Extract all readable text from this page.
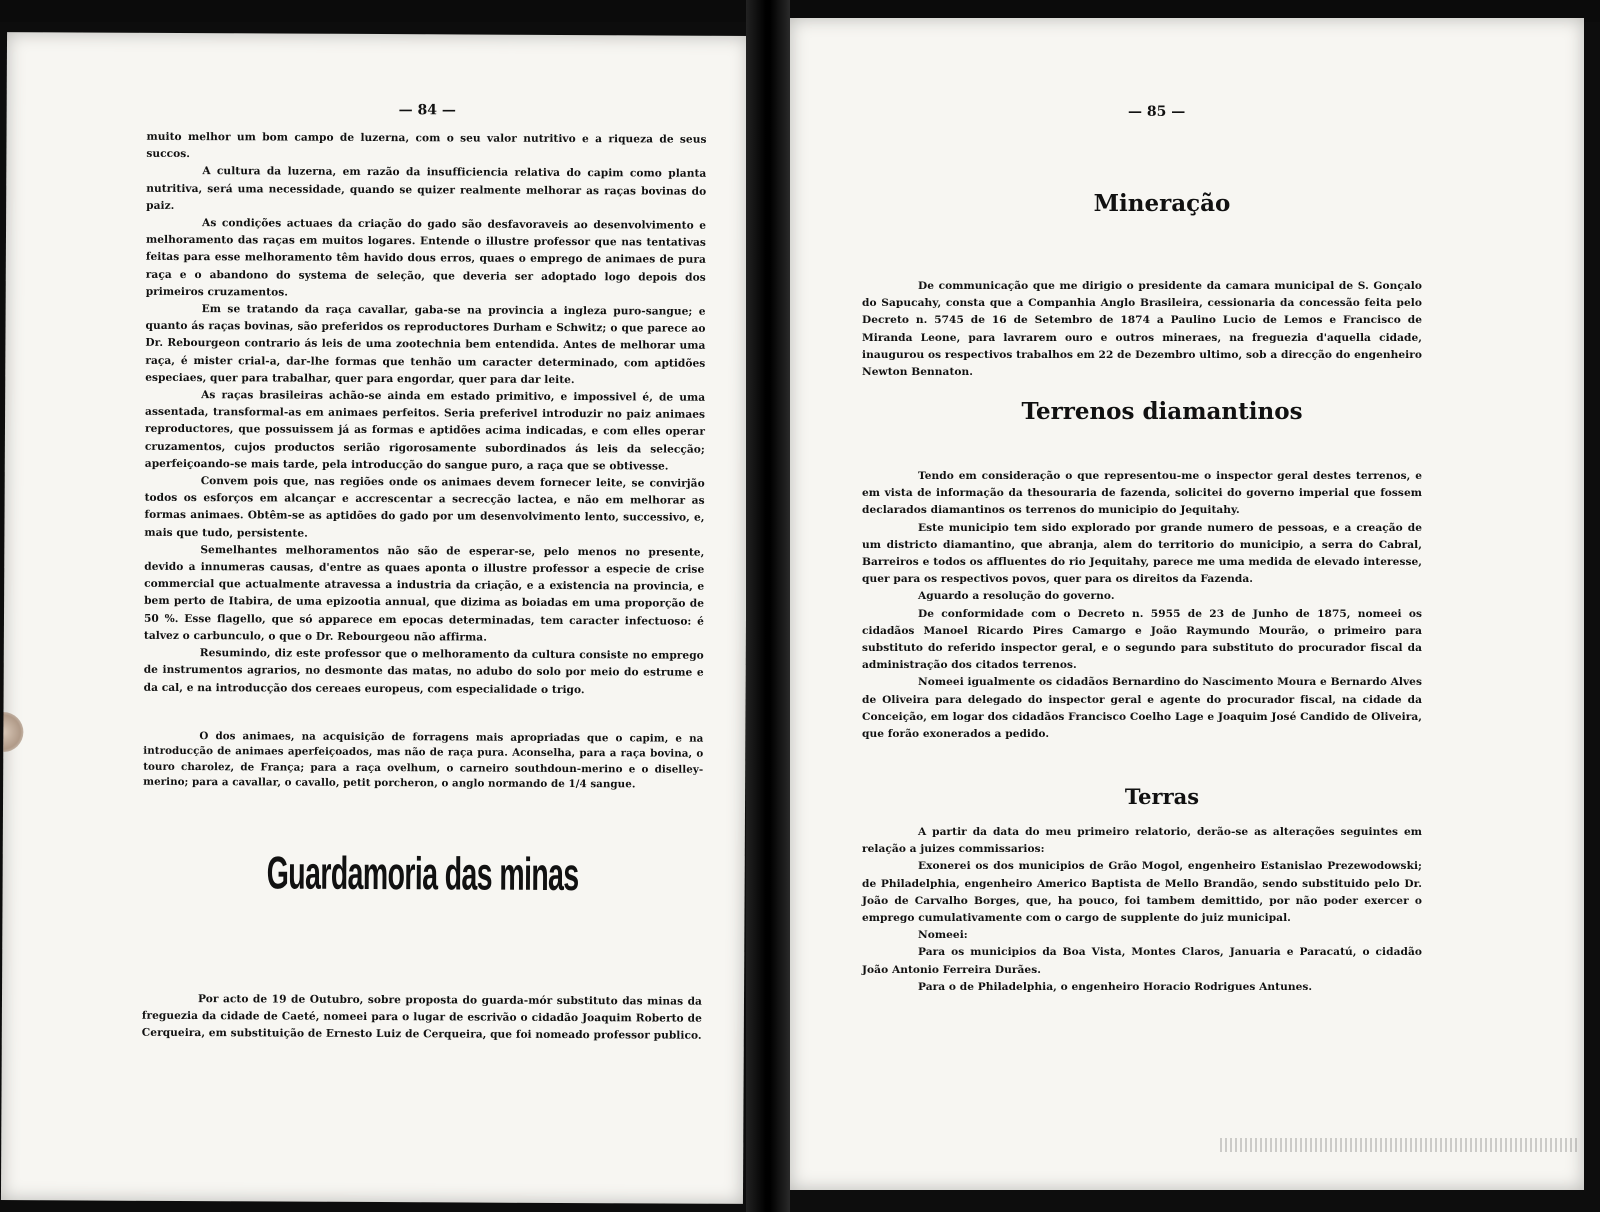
— 84 —

muito melhor um bom campo de luzerna, com o seu valor nutritivo e a riqueza de seus succos.

A cultura da luzerna, em razão da insufficiencia relativa do capim como planta nutritiva, será uma necessidade, quando se quizer realmente melhorar as raças bovinas do paiz.

As condições actuaes da criação do gado são desfavoraveis ao desenvolvimento e melhoramento das raças em muitos logares. Entende o illustre professor que nas tentativas feitas para esse melhoramento têm havido dous erros, quaes o emprego de animaes de pura raça e o abandono do systema de seleção, que deveria ser adoptado logo depois dos primeiros cruzamentos.

Em se tratando da raça cavallar, gaba-se na provincia a ingleza puro-sangue; e quanto ás raças bovinas, são preferidos os reproductores Durham e Schwitz; o que parece ao Dr. Rebourgeon contrario ás leis de uma zootechnia bem entendida. Antes de melhorar uma raça, é mister crial-a, dar-lhe formas que tenhão um caracter determinado, com aptidões especiaes, quer para trabalhar, quer para engordar, quer para dar leite.

As raças brasileiras achão-se ainda em estado primitivo, e impossivel é, de uma assentada, transformal-as em animaes perfeitos. Seria preferivel introduzir no paiz animaes reproductores, que possuissem já as formas e aptidões acima indicadas, e com elles operar cruzamentos, cujos productos serião rigorosamente subordinados ás leis da selecção; aperfeiçoando-se mais tarde, pela introducção do sangue puro, a raça que se obtivesse.

Convem pois que, nas regiões onde os animaes devem fornecer leite, se convirjão todos os esforços em alcançar e accrescentar a secrecção lactea, e não em melhorar as formas animaes. Obtêm-se as aptidões do gado por um desenvolvimento lento, successivo, e, mais que tudo, persistente.

Semelhantes melhoramentos não são de esperar-se, pelo menos no presente, devido a innumeras causas, d'entre as quaes aponta o illustre professor a especie de crise commercial que actualmente atravessa a industria da criação, e a existencia na provincia, e bem perto de Itabira, de uma epizootia annual, que dizima as boiadas em uma proporção de 50 %. Esse flagello, que só apparece em epocas determinadas, tem caracter infectuoso: é talvez o carbunculo, o que o Dr. Rebourgeou não affirma.

Resumindo, diz este professor que o melhoramento da cultura consiste no emprego de instrumentos agrarios, no desmonte das matas, no adubo do solo por meio do estrume e da cal, e na introducção dos cereaes europeus, com especialidade o trigo.

O dos animaes, na acquisição de forragens mais apropriadas que o capim, e na introducção de animaes aperfeiçoados, mas não de raça pura. Aconselha, para a raça bovina, o touro charolez, de França; para a raça ovelhum, o carneiro southdoun-merino e o diselley-merino; para a cavallar, o cavallo, petit porcheron, o anglo normando de 1/4 sangue.

Guardamoria das minas

Por acto de 19 de Outubro, sobre proposta do guarda-mór substituto das minas da freguezia da cidade de Caeté, nomeei para o lugar de escrivão o cidadão Joaquim Roberto de Cerqueira, em substituição de Ernesto Luiz de Cerqueira, que foi nomeado professor publico.

— 85 —
Mineração

De communicação que me dirigio o presidente da camara municipal de S. Gonçalo do Sapucahy, consta que a Companhia Anglo Brasileira, cessionaria da concessão feita pelo Decreto n. 5745 de 16 de Setembro de 1874 a Paulino Lucio de Lemos e Francisco de Miranda Leone, para lavrarem ouro e outros mineraes, na freguezia d'aquella cidade, inaugurou os respectivos trabalhos em 22 de Dezembro ultimo, sob a direcção do engenheiro Newton Bennaton.

Terrenos diamantinos

Tendo em consideração o que representou-me o inspector geral destes terrenos, e em vista de informação da thesouraria de fazenda, solicitei do governo imperial que fossem declarados diamantinos os terrenos do municipio do Jequitahy.

Este municipio tem sido explorado por grande numero de pessoas, e a creação de um districto diamantino, que abranja, alem do territorio do municipio, a serra do Cabral, Barreiros e todos os affluentes do rio Jequitahy, parece me uma medida de elevado interesse, quer para os respectivos povos, quer para os direitos da Fazenda.

Aguardo a resolução do governo.

De conformidade com o Decreto n. 5955 de 23 de Junho de 1875, nomeei os cidadãos Manoel Ricardo Pires Camargo e João Raymundo Mourão, o primeiro para substituto do referido inspector geral, e o segundo para substituto do procurador fiscal da administração dos citados terrenos.

Nomeei igualmente os cidadãos Bernardino do Nascimento Moura e Bernardo Alves de Oliveira para delegado do inspector geral e agente do procurador fiscal, na cidade da Conceição, em logar dos cidadãos Francisco Coelho Lage e Joaquim José Candido de Oliveira, que forão exonerados a pedido.

Terras

A partir da data do meu primeiro relatorio, derão-se as alterações seguintes em relação a juizes commissarios:

Exonerei os dos municipios de Grão Mogol, engenheiro Estanislao Prezewodowski; de Philadelphia, engenheiro Americo Baptista de Mello Brandão, sendo substituido pelo Dr. João de Carvalho Borges, que, ha pouco, foi tambem demittido, por não poder exercer o emprego cumulativamente com o cargo de supplente do juiz municipal.

Nomeei:

Para os municipios da Boa Vista, Montes Claros, Januaria e Paracatú, o cidadão João Antonio Ferreira Durães.

Para o de Philadelphia, o engenheiro Horacio Rodrigues Antunes.
